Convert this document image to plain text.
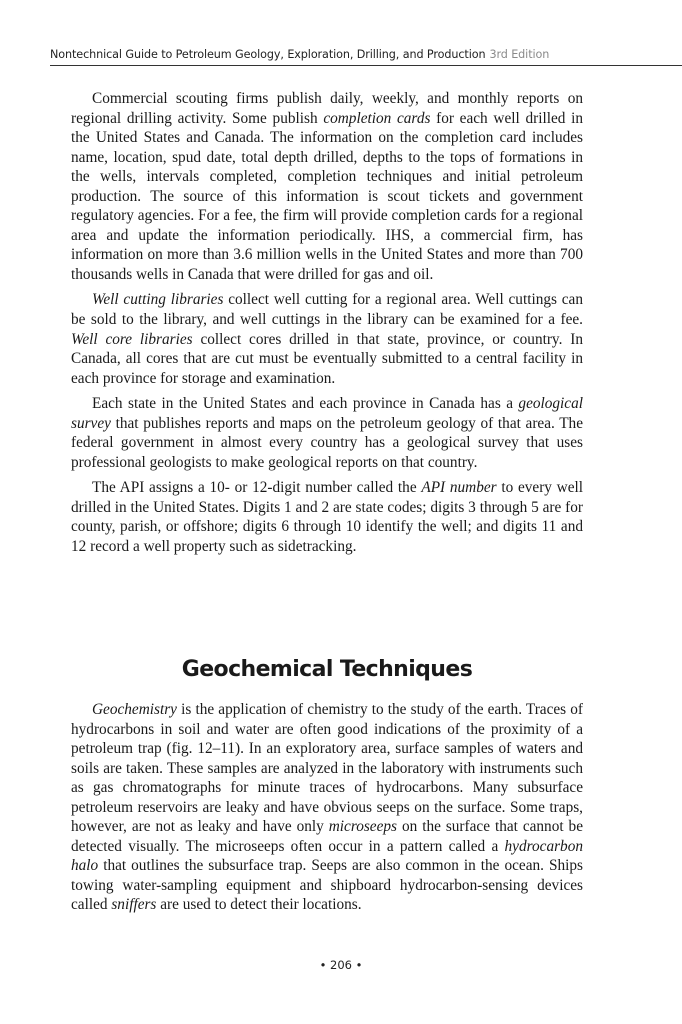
Nontechnical Guide to Petroleum Geology, Exploration, Drilling, and Production 3rd Edition

Commercial scouting firms publish daily, weekly, and monthly reports on regional drilling activity. Some publish completion cards for each well drilled in the United States and Canada. The information on the completion card includes name, location, spud date, total depth drilled, depths to the tops of formations in the wells, intervals completed, completion techniques and initial petroleum production. The source of this information is scout tickets and government regulatory agencies. For a fee, the firm will provide completion cards for a regional area and update the information periodically. IHS, a commercial firm, has information on more than 3.6 million wells in the United States and more than 700 thousands wells in Canada that were drilled for gas and oil.

Well cutting libraries collect well cutting for a regional area. Well cuttings can be sold to the library, and well cuttings in the library can be examined for a fee. Well core libraries collect cores drilled in that state, province, or country. In Canada, all cores that are cut must be eventually submitted to a central facility in each province for storage and examination.

Each state in the United States and each province in Canada has a geological survey that publishes reports and maps on the petroleum geology of that area. The federal government in almost every country has a geological survey that uses professional geologists to make geological reports on that country.

The API assigns a 10- or 12-digit number called the API number to every well drilled in the United States. Digits 1 and 2 are state codes; digits 3 through 5 are for county, parish, or offshore; digits 6 through 10 identify the well; and digits 11 and 12 record a well property such as sidetracking.

Geochemical Techniques

Geochemistry is the application of chemistry to the study of the earth. Traces of hydrocarbons in soil and water are often good indications of the proximity of a petroleum trap (fig. 12–11). In an exploratory area, surface samples of waters and soils are taken. These samples are analyzed in the laboratory with instruments such as gas chromatographs for minute traces of hydrocarbons. Many subsurface petroleum reservoirs are leaky and have obvious seeps on the surface. Some traps, however, are not as leaky and have only microseeps on the surface that cannot be detected visually. The microseeps often occur in a pattern called a hydrocarbon halo that outlines the subsurface trap. Seeps are also common in the ocean. Ships towing water-sampling equipment and shipboard hydrocarbon-sensing devices called sniffers are used to detect their locations.

• 206 •
